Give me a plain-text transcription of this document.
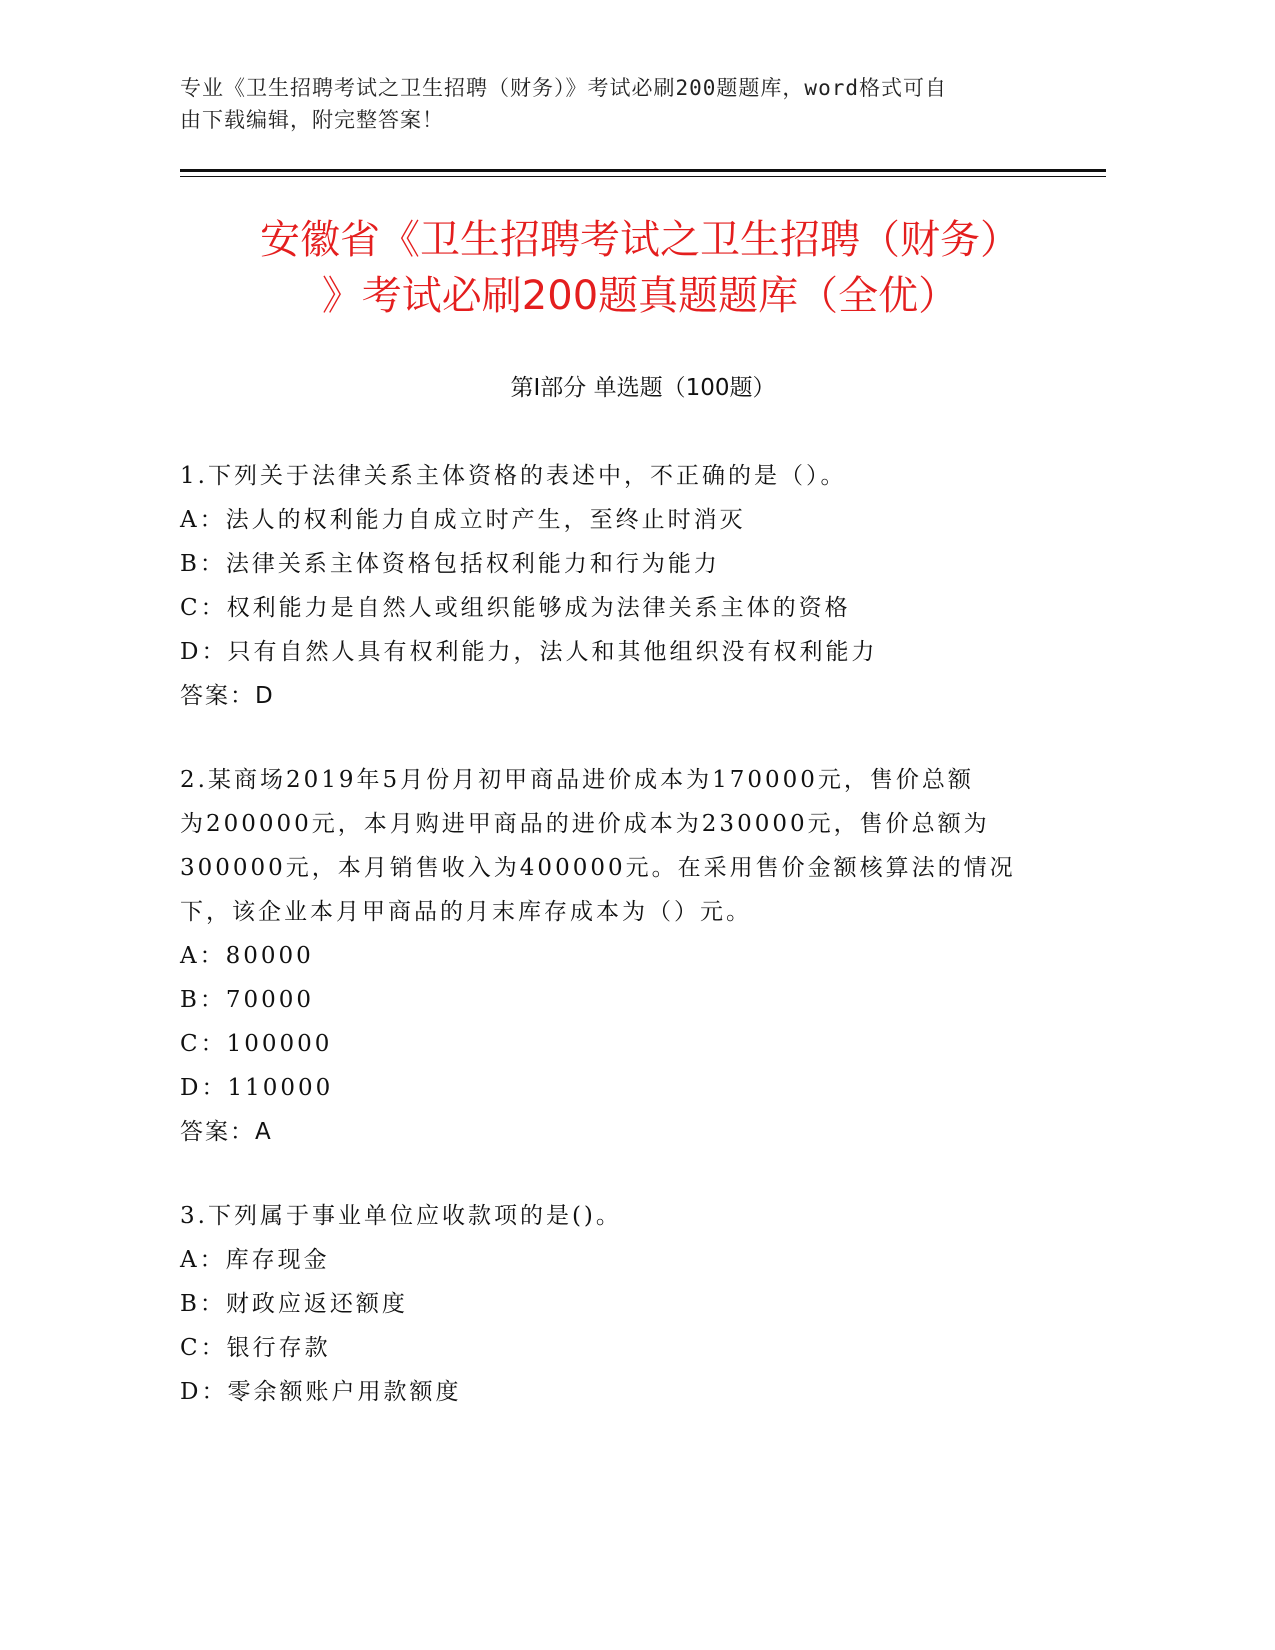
专业《卫生招聘考试之卫生招聘（财务）》考试必刷200题题库，word格式可自
由下载编辑，附完整答案！
安徽省《卫生招聘考试之卫生招聘（财务）
》考试必刷200题真题题库（全优）
第Ⅰ部分 单选题（100题）
1.下列关于法律关系主体资格的表述中，不正确的是（）。
A：法人的权利能力自成立时产生，至终止时消灭
B：法律关系主体资格包括权利能力和行为能力
C：权利能力是自然人或组织能够成为法律关系主体的资格
D：只有自然人具有权利能力，法人和其他组织没有权利能力
答案：D
2.某商场2019年5月份月初甲商品进价成本为170000元，售价总额
为200000元，本月购进甲商品的进价成本为230000元，售价总额为
300000元，本月销售收入为400000元。在采用售价金额核算法的情况
下，该企业本月甲商品的月末库存成本为（）元。
A：80000
B：70000
C：100000
D：110000
答案：A
3.下列属于事业单位应收款项的是()。
A：库存现金
B：财政应返还额度
C：银行存款
D：零余额账户用款额度
